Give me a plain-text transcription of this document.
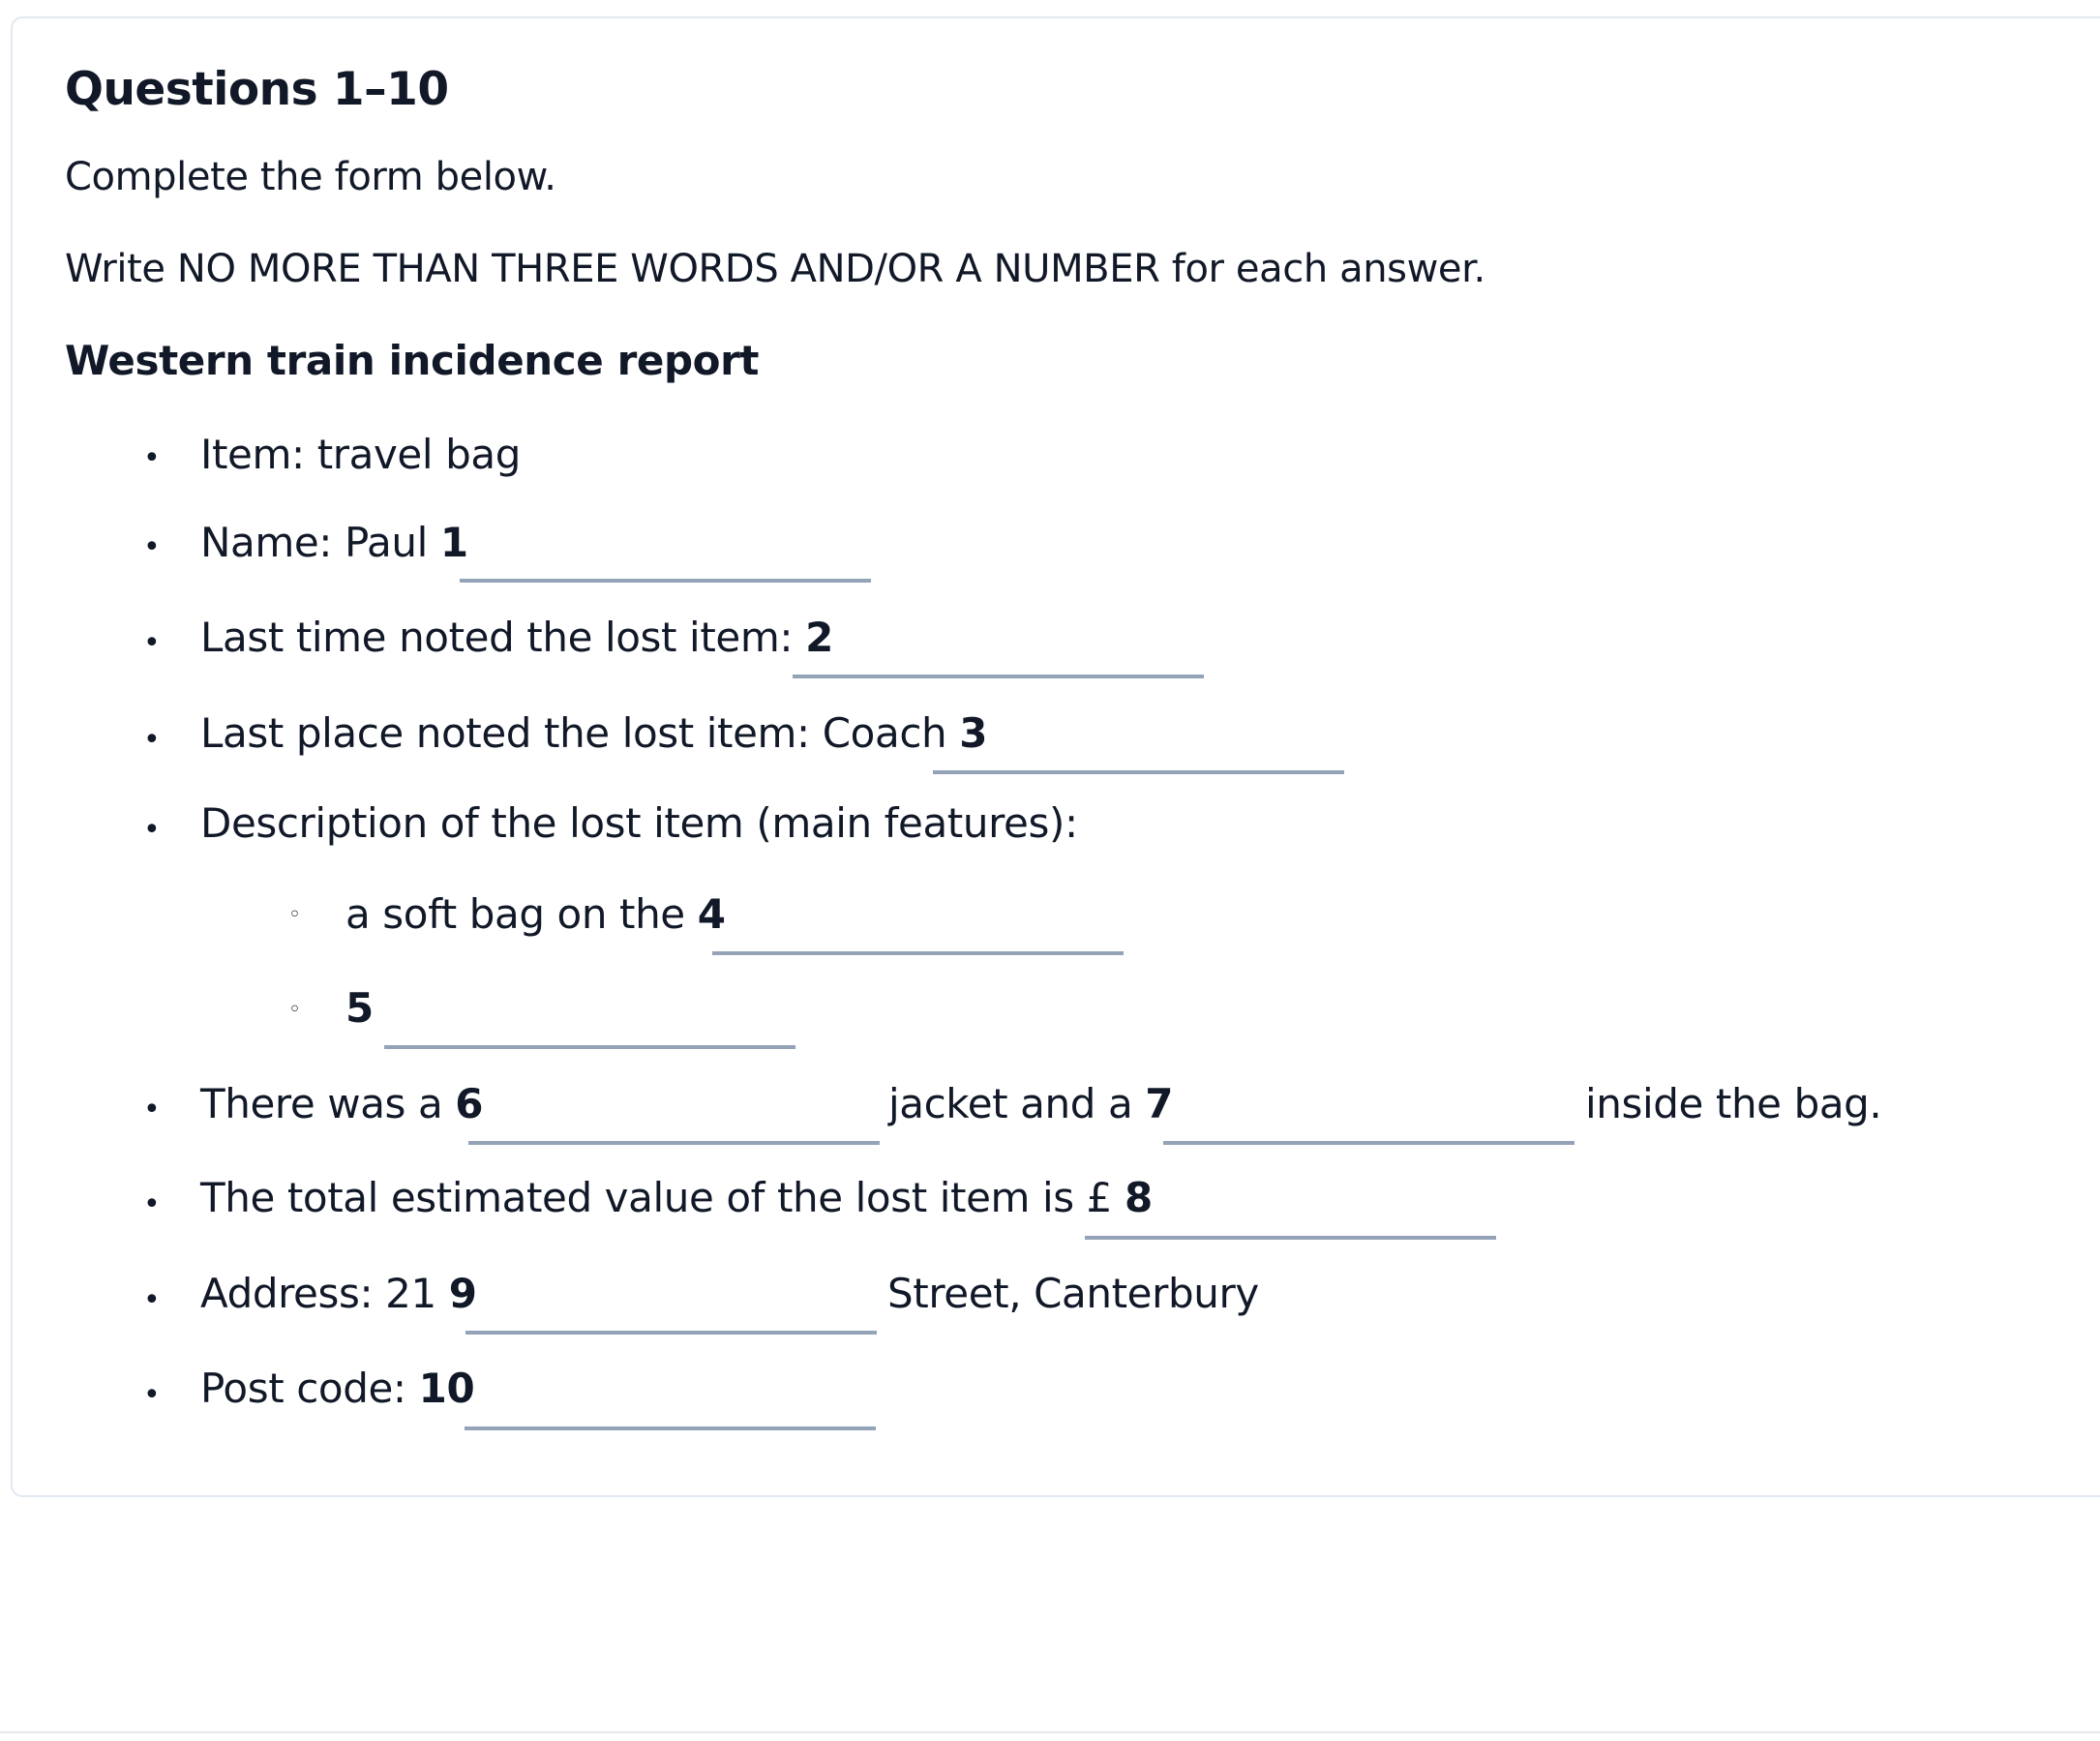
Questions 1–10
Complete the form below.
Write NO MORE THAN THREE WORDS AND/OR A NUMBER for each answer.
Western train incidence report
• Item: travel bag
• Name: Paul 1
• Last time noted the lost item: 2
• Last place noted the lost item: Coach 3
• Description of the lost item (main features):
◦ a soft bag on the 4
◦ 5
• There was a 6	jacket and a 7	inside the bag.
• The total estimated value of the lost item is £ 8
• Address: 21 9	Street, Canterbury
• Post code: 10
